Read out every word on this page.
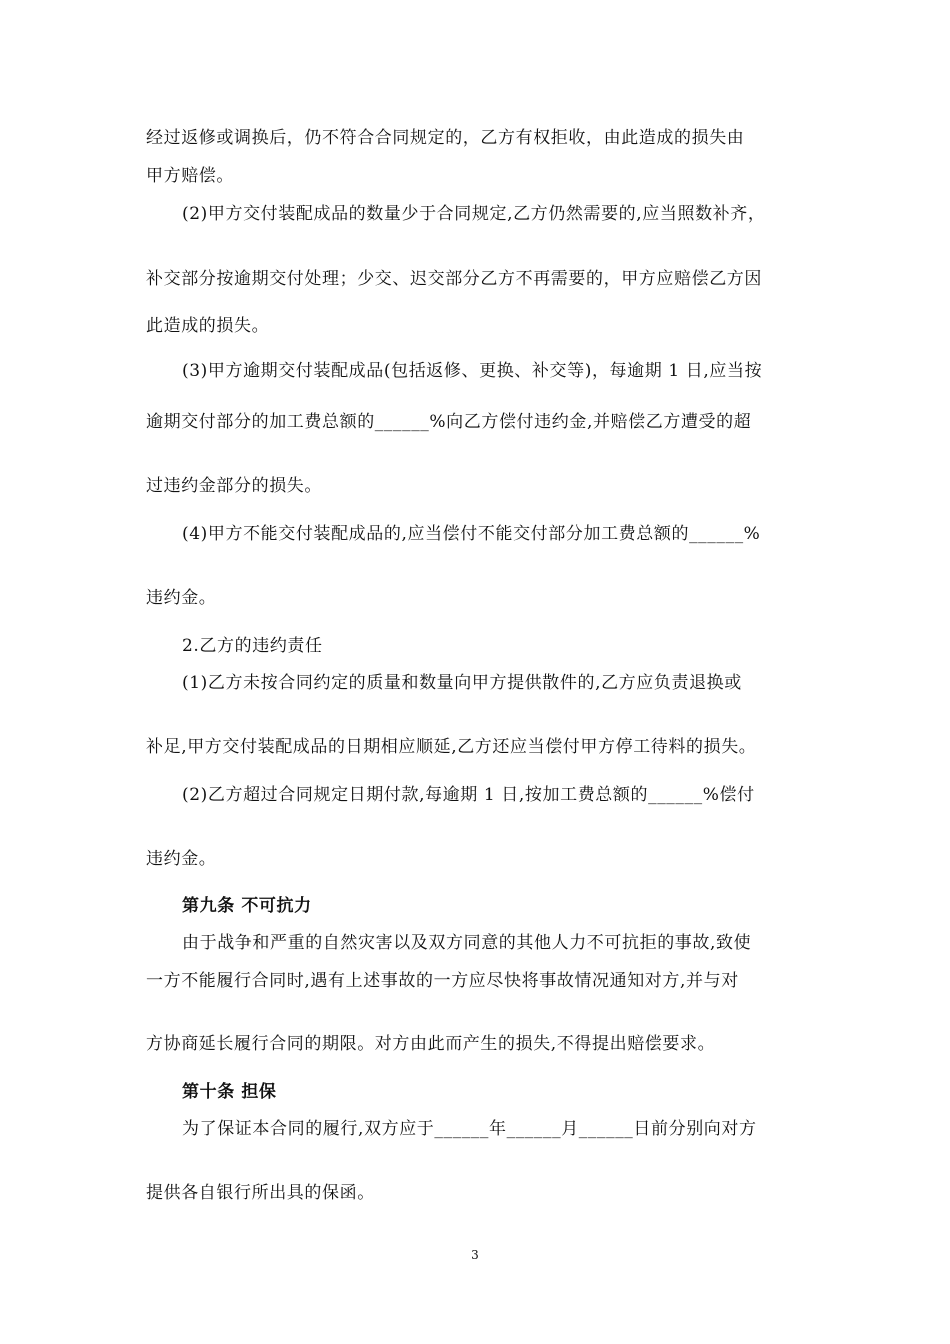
经过返修或调换后，仍不符合合同规定的，乙方有权拒收，由此造成的损失由
甲方赔偿。
(2)甲方交付装配成品的数量少于合同规定,乙方仍然需要的,应当照数补齐，
补交部分按逾期交付处理；少交、迟交部分乙方不再需要的，甲方应赔偿乙方因
此造成的损失。
(3)甲方逾期交付装配成品(包括返修、更换、补交等)，每逾期 1 日,应当按
逾期交付部分的加工费总额的______%向乙方偿付违约金,并赔偿乙方遭受的超
过违约金部分的损失。
(4)甲方不能交付装配成品的,应当偿付不能交付部分加工费总额的______%
违约金。
2.乙方的违约责任
(1)乙方未按合同约定的质量和数量向甲方提供散件的,乙方应负责退换或
补足,甲方交付装配成品的日期相应顺延,乙方还应当偿付甲方停工待料的损失。
(2)乙方超过合同规定日期付款,每逾期 1 日,按加工费总额的______%偿付
违约金。
第九条 不可抗力
由于战争和严重的自然灾害以及双方同意的其他人力不可抗拒的事故,致使
一方不能履行合同时,遇有上述事故的一方应尽快将事故情况通知对方,并与对
方协商延长履行合同的期限。对方由此而产生的损失,不得提出赔偿要求。
第十条 担保
为了保证本合同的履行,双方应于______年______月______日前分别向对方
提供各自银行所出具的保函。
3
